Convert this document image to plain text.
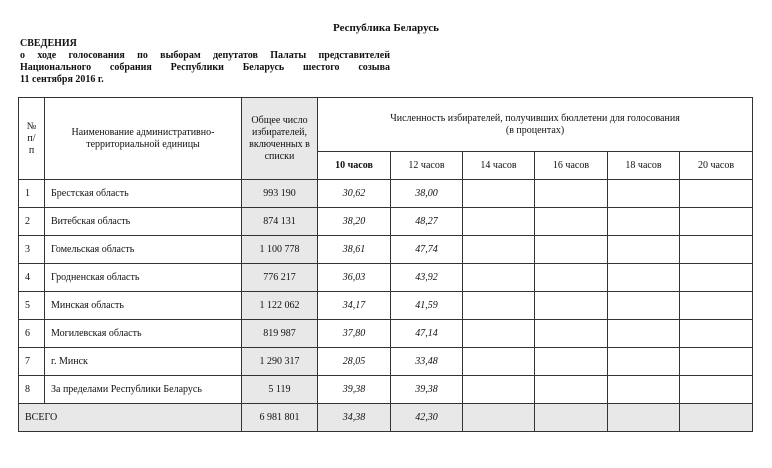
Республика Беларусь
СВЕДЕНИЯ
о ходе голосования по выборам депутатов Палаты представителей
Национального собрания Республики Беларусь шестого созыва
11 сентября 2016 г.
№ п/п	Наименование административно-территориальной единицы	Общее число избирателей, включенных в списки	Численность избирателей, получивших бюллетени для голосования
(в процентах)					

			10 часов	12 часов	14 часов	16 часов	18 часов	20 часов
1	Брестская область	993 190	30,62	38,00				
2	Витебская область	874 131	38,20	48,27				
3	Гомельская область	1 100 778	38,61	47,74				
4	Гродненская область	776 217	36,03	43,92				
5	Минская область	1 122 062	34,17	41,59				
6	Могилевская область	819 987	37,80	47,14				
7	г. Минск	1 290 317	28,05	33,48				
8	За пределами Республики Беларусь	5 119	39,38	39,38				
ВСЕГО		6 981 801	34,38	42,30				
